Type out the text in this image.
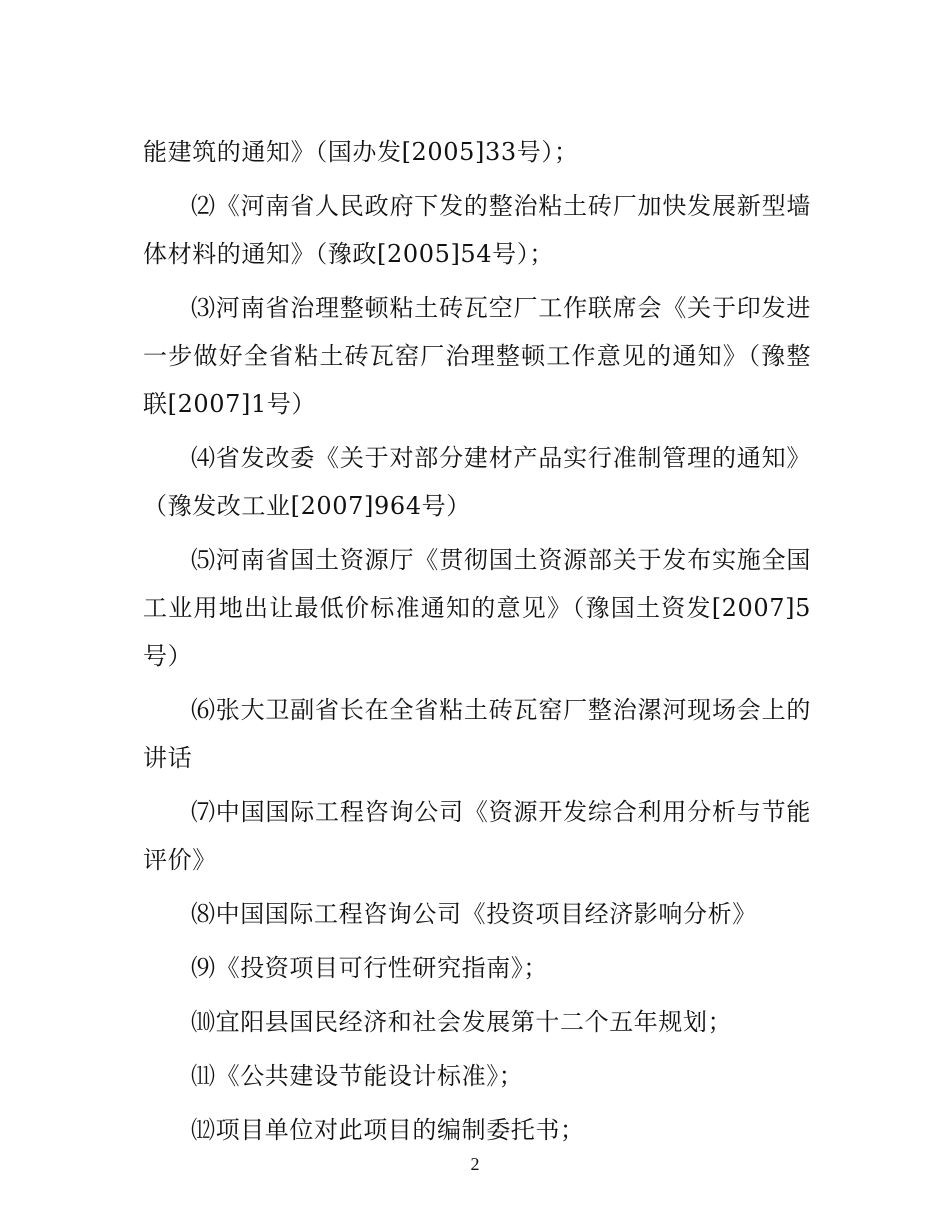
能建筑的通知》（国办发[2005]33号）；

⑵《河南省人民政府下发的整治粘土砖厂加快发展新型墙体材料的通知》（豫政[2005]54号）；

⑶河南省治理整顿粘土砖瓦空厂工作联席会《关于印发进一步做好全省粘土砖瓦窑厂治理整顿工作意见的通知》（豫整联[2007]1号）

⑷省发改委《关于对部分建材产品实行准制管理的通知》（豫发改工业[2007]964号）

⑸河南省国土资源厅《贯彻国土资源部关于发布实施全国工业用地出让最低价标准通知的意见》（豫国土资发[2007]5号）

⑹张大卫副省长在全省粘土砖瓦窑厂整治漯河现场会上的讲话

⑺中国国际工程咨询公司《资源开发综合利用分析与节能评价》

⑻中国国际工程咨询公司《投资项目经济影响分析》

⑼《投资项目可行性研究指南》；

⑽宜阳县国民经济和社会发展第十二个五年规划；

⑾《公共建设节能设计标准》；

⑿项目单位对此项目的编制委托书；

2
